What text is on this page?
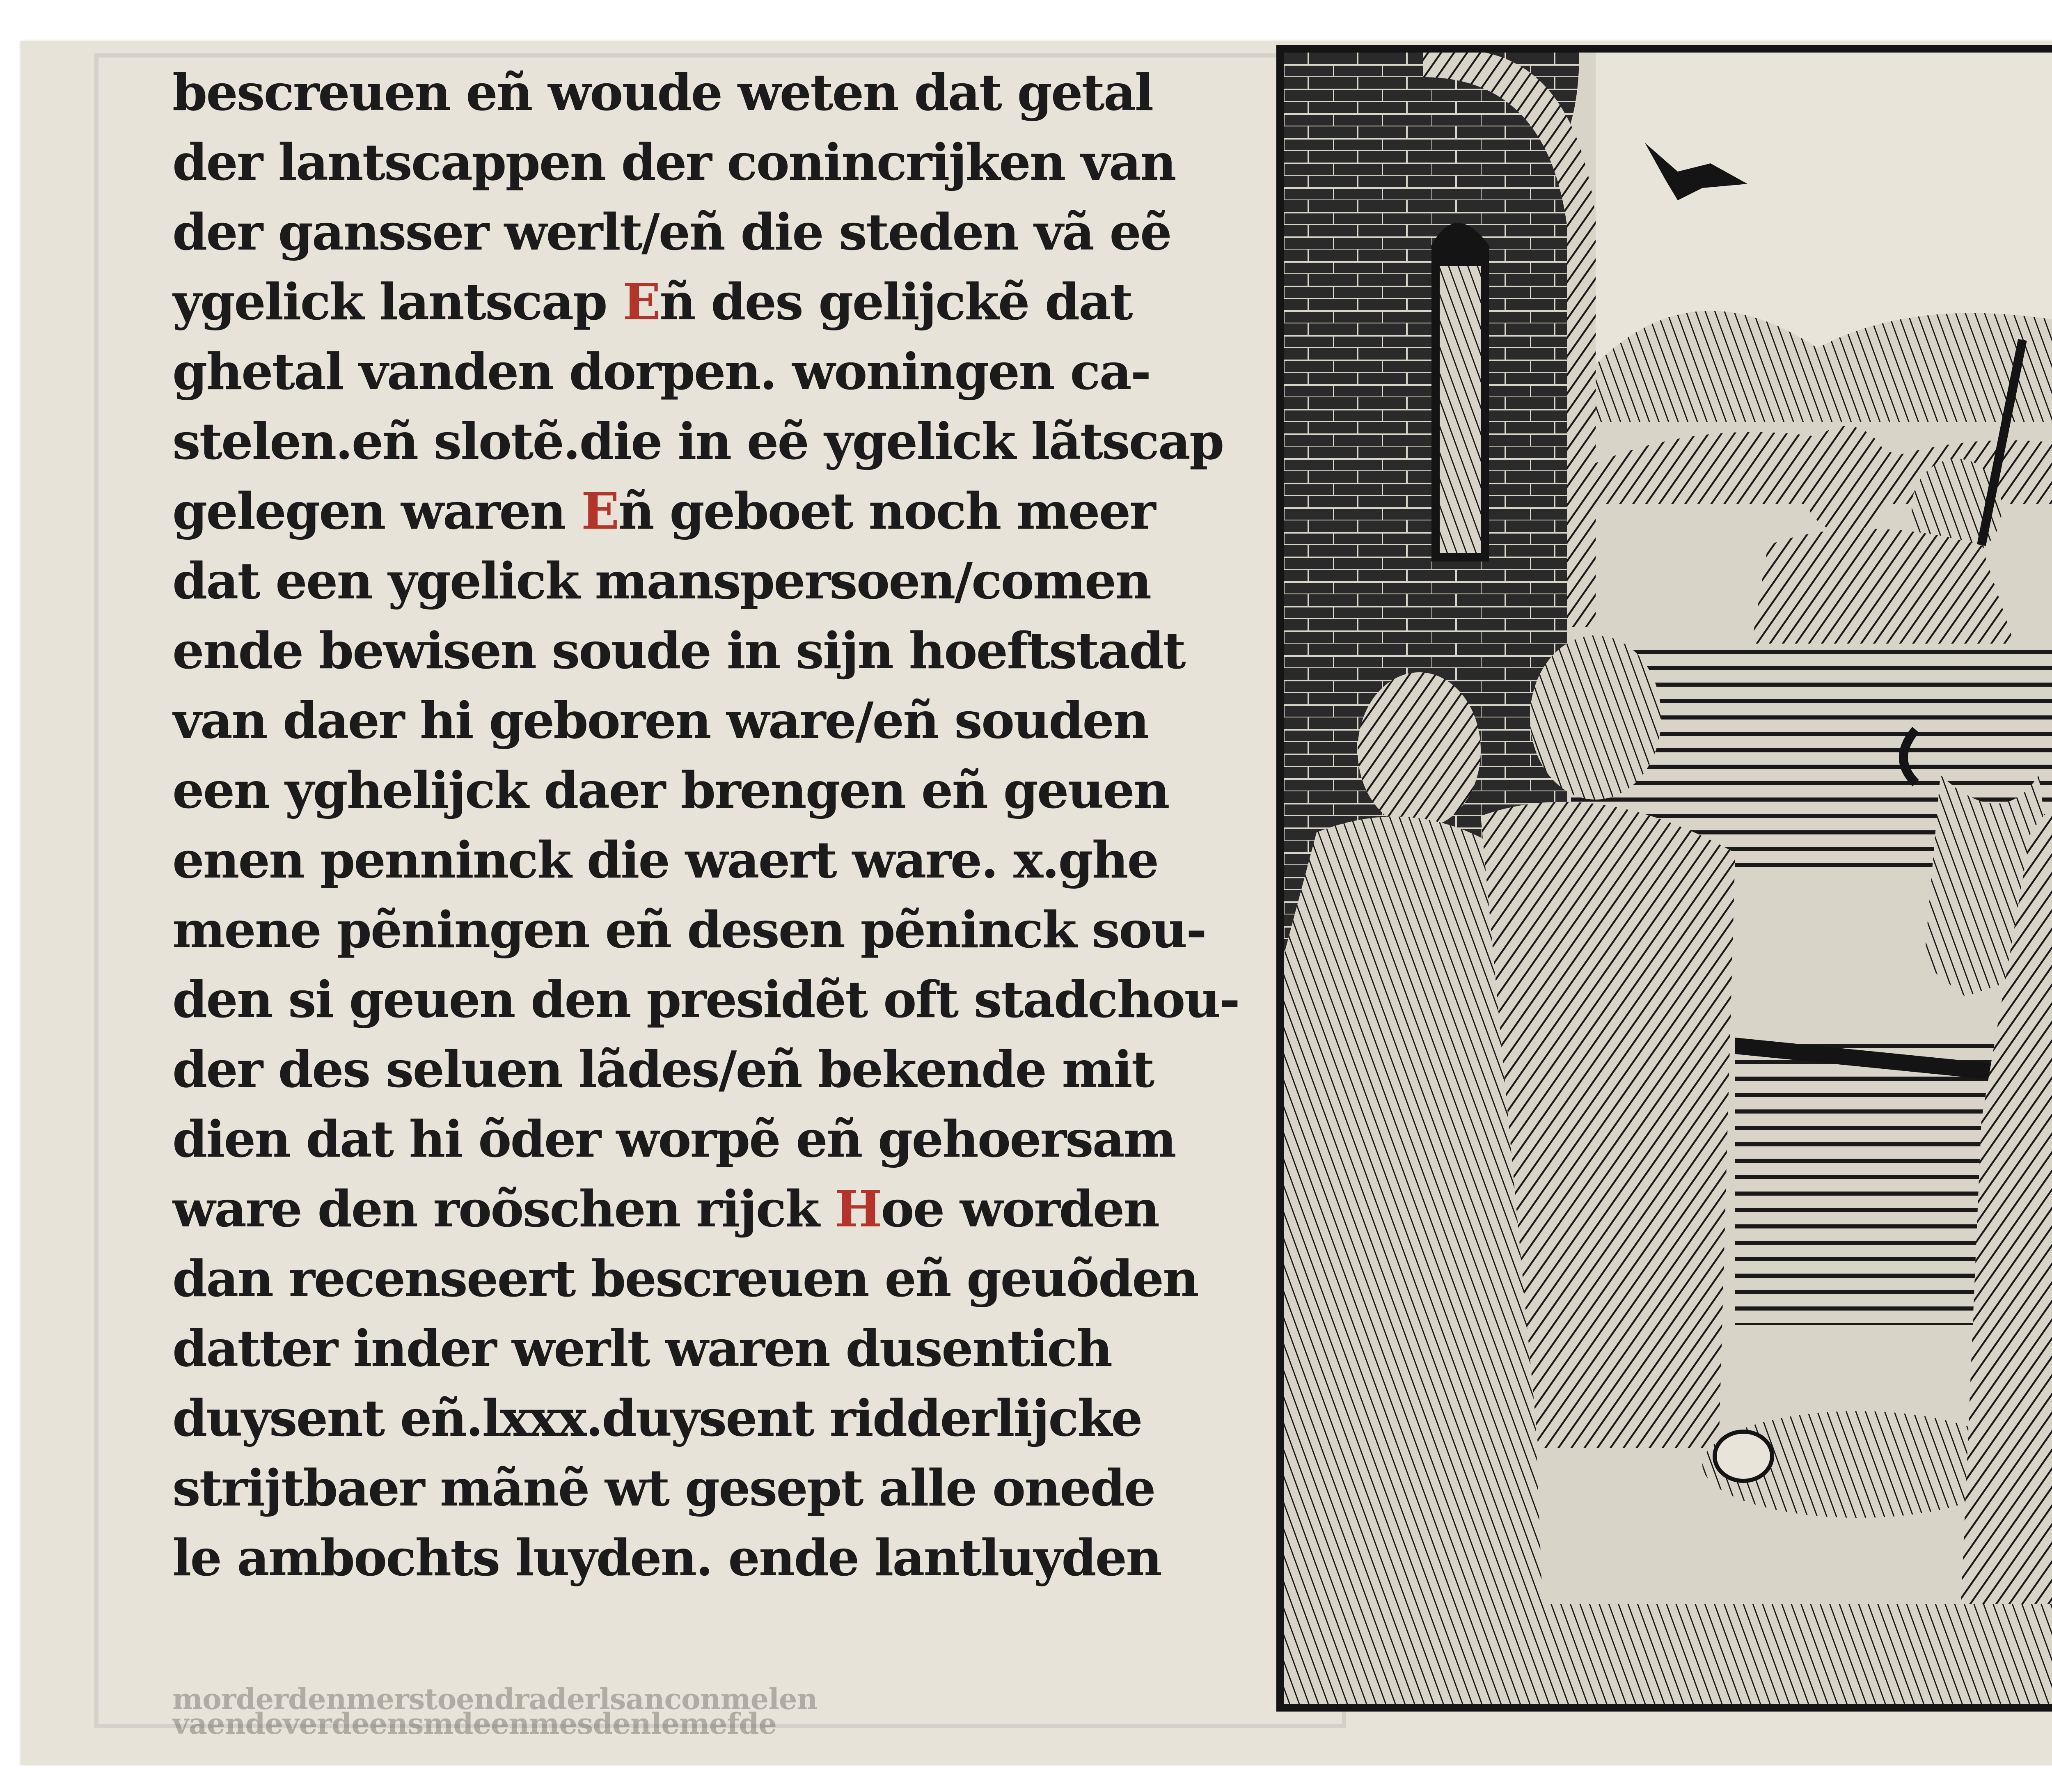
bescreuen eñ woude weten dat getal
der lantscappen der conincrijken van
der gansser werlt/eñ die steden vã eẽ
ygelick lantscap Eñ des gelijckẽ dat
ghetal vanden dorpen. woningen ca-
stelen.eñ slotẽ.die in eẽ ygelick lãtscap
gelegen waren Eñ geboet noch meer
dat een ygelick manspersoen/comen
ende bewisen soude in sijn hoeftstadt
van daer hi geboren ware/eñ souden
een yghelijck daer brengen eñ geuen
enen penninck die waert ware. x.ghe
mene pẽningen eñ desen pẽninck sou-
den si geuen den presidẽt oft stadchou-
der des seluen lãdes/eñ bekende mit
dien dat hi õder worpẽ eñ gehoersam
ware den roõschen rijck Hoe worden
dan recenseert bescreuen eñ geuõden
datter inder werlt waren dusentich
duysent eñ.lxxx.duysent ridderlijcke
strijtbaer mãnẽ wt gesept alle onede
le ambochts luyden. ende lantluyden
morderdenmerstoendraderlsanconmelen
vaendeverdeensmdeenmesdenlemefde
